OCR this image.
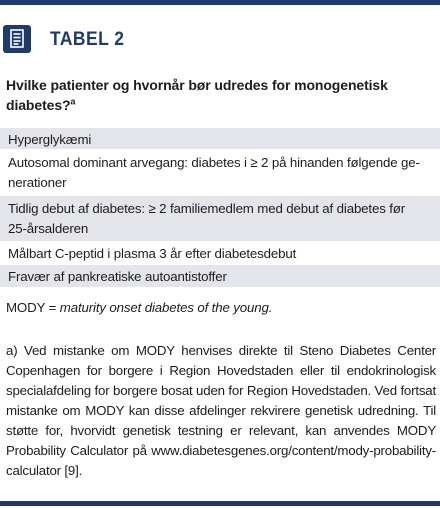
TABEL 2
Hvilke patienter og hvornår bør udredes for monogenetisk diabetes?$^a$
Hyperglykæmi
Autosomal dominant arvegang: diabetes i ≥ 2 på hinanden følgende ge-
nerationer
Tidlig debut af diabetes: ≥ 2 familiemedlem med debut af diabetes før
25-årsalderen
Målbart C-peptid i plasma 3 år efter diabetesdebut
Fravær af pankreatiske autoantistoffer
MODY = maturity onset diabetes of the young.
a) Ved mistanke om MODY henvises direkte til Steno Diabetes Center Copenhagen for borgere i Region Hovedstaden eller til endokrinologisk specialafdeling for borgere bosat uden for Region Hovedstaden. Ved fortsat mistanke om MODY kan disse afdelinger rekvirere genetisk udredning. Til støtte for, hvorvidt genetisk testning er relevant, kan anvendes MODY Probability Calculator på www.diabetesgenes.org/content/mody-probability-calculator [9].
